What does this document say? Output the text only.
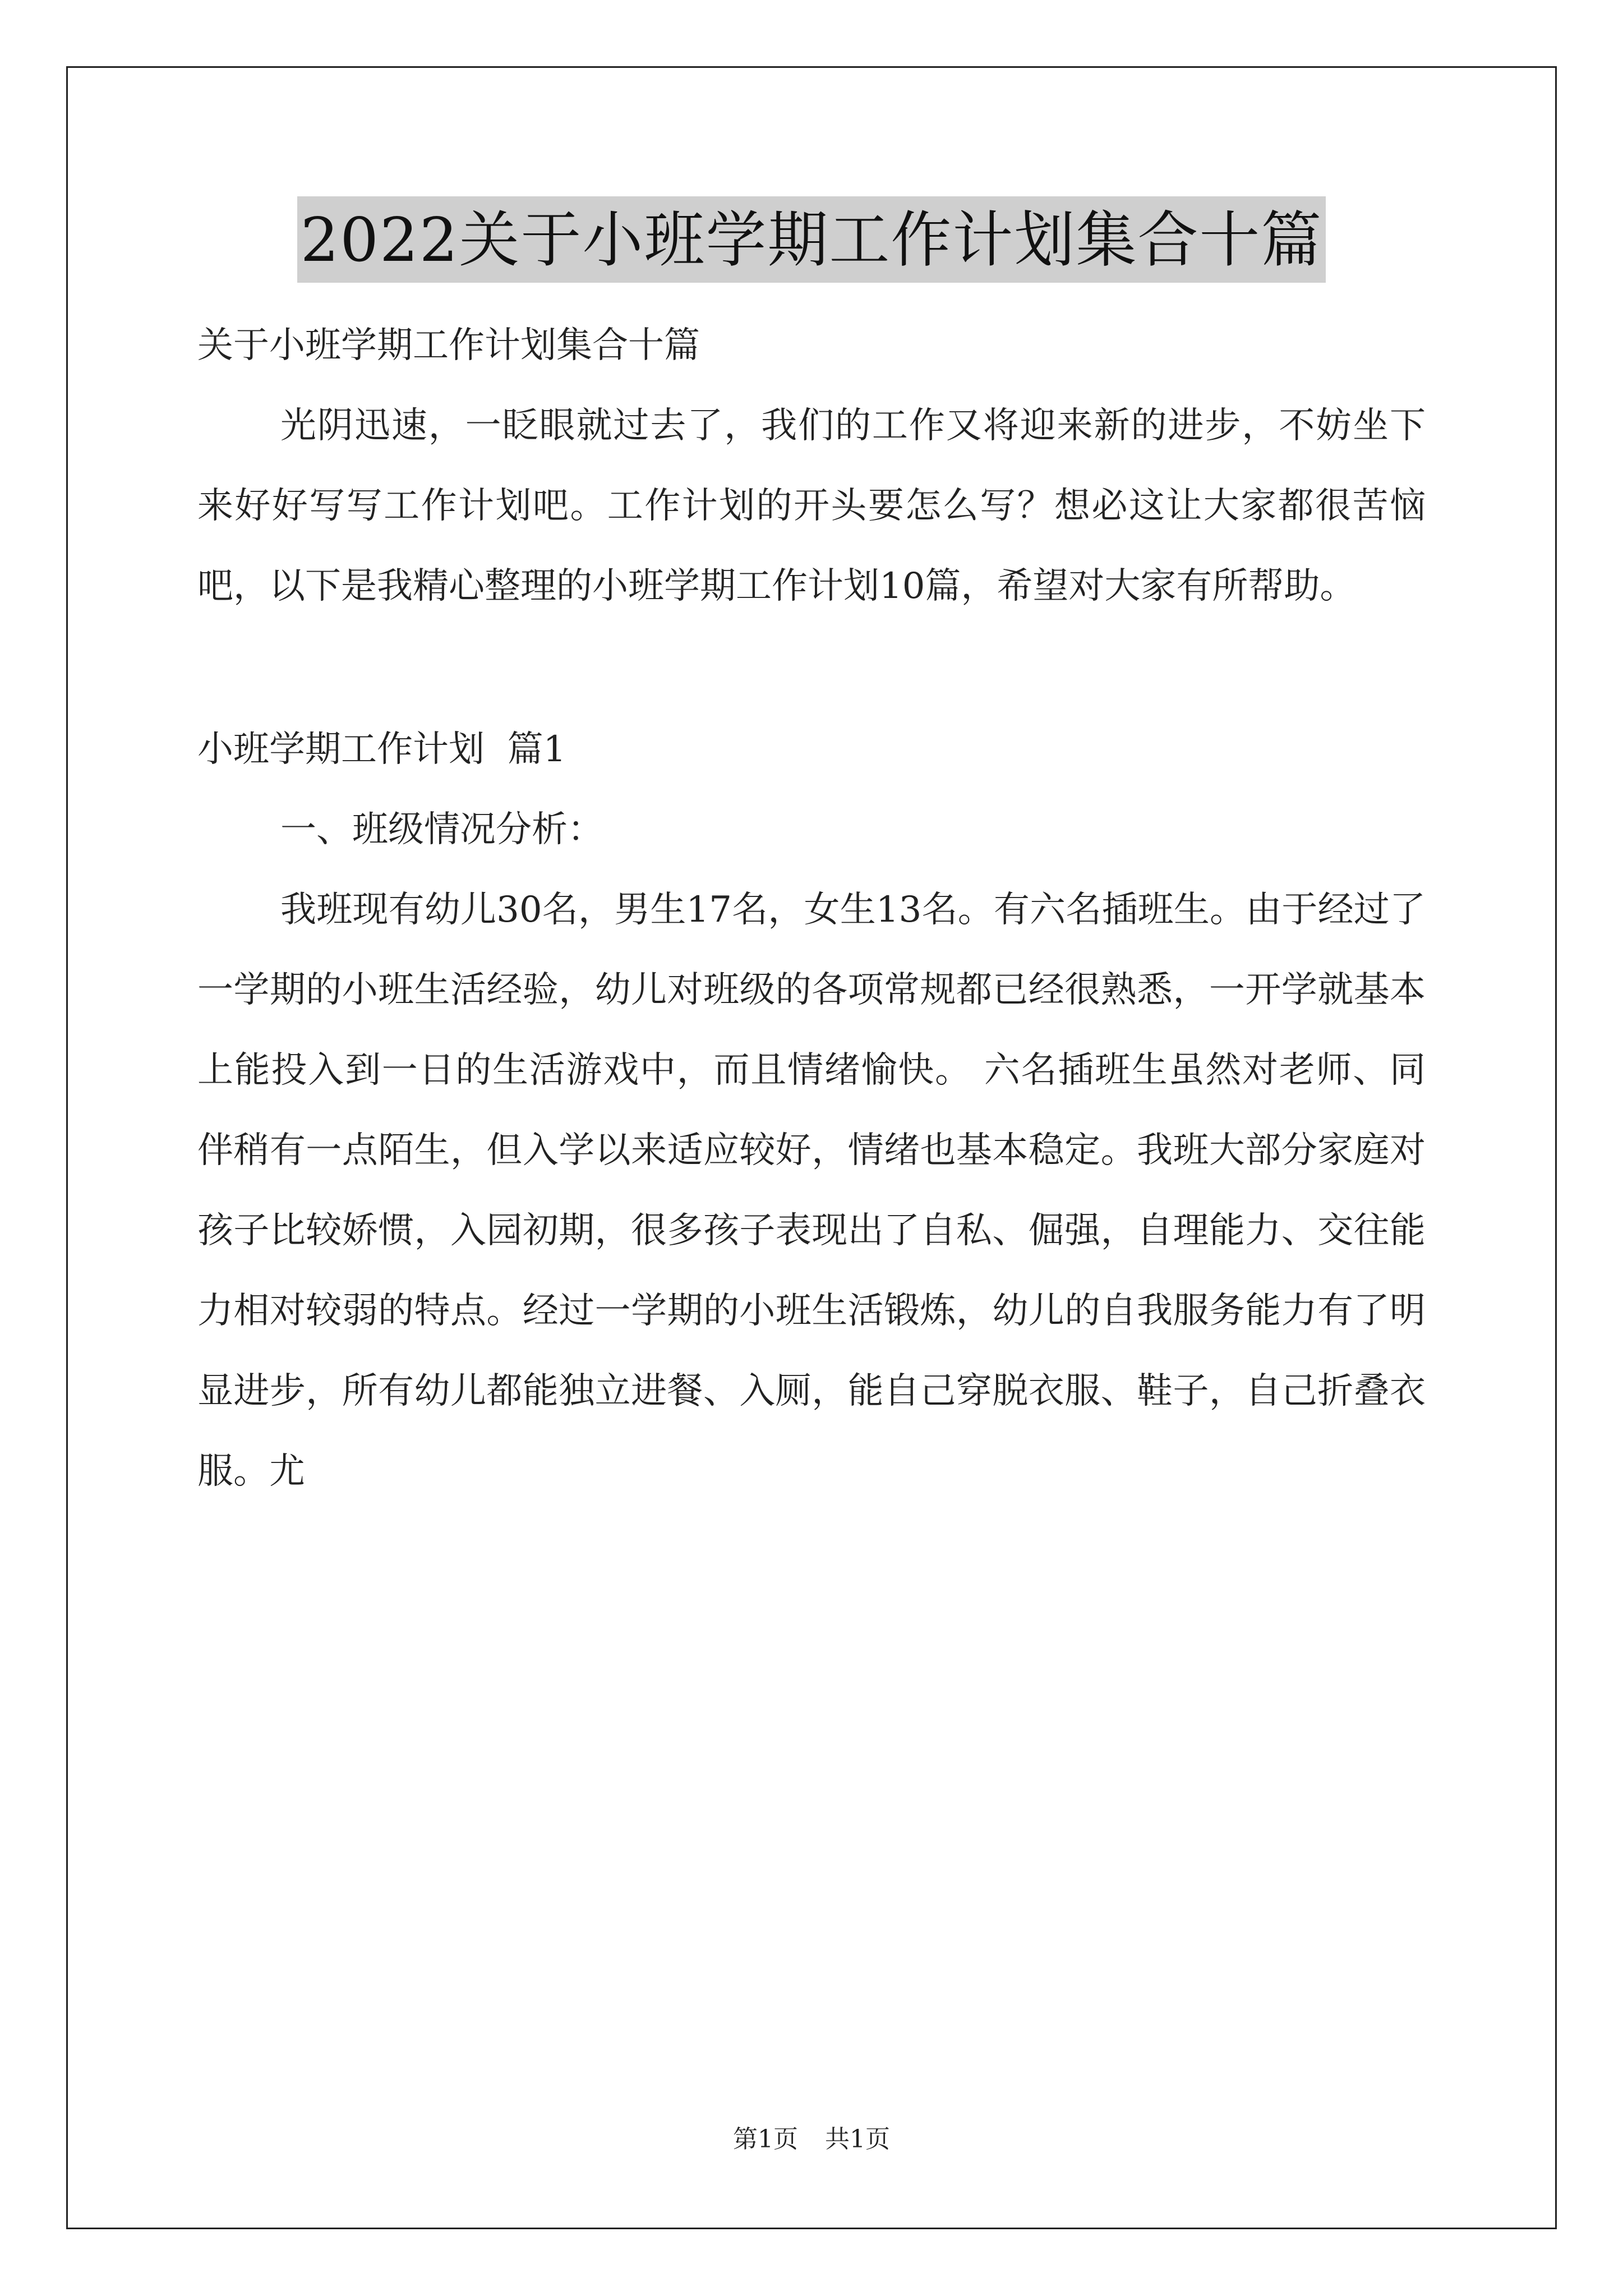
2022关于小班学期工作计划集合十篇

关于小班学期工作计划集合十篇

光阴迅速，一眨眼就过去了，我们的工作又将迎来新的进步，不妨坐下来好好写写工作计划吧。工作计划的开头要怎么写？想必这让大家都很苦恼吧，以下是我精心整理的小班学期工作计划10篇，希望对大家有所帮助。

小班学期工作计划  篇1

一、班级情况分析：

我班现有幼儿30名，男生17名，女生13名。有六名插班生。由于经过了一学期的小班生活经验，幼儿对班级的各项常规都已经很熟悉，一开学就基本上能投入到一日的生活游戏中，而且情绪愉快。 六名插班生虽然对老师、同伴稍有一点陌生，但入学以来适应较好，情绪也基本稳定。我班大部分家庭对孩子比较娇惯，入园初期，很多孩子表现出了自私、倔强，自理能力、交往能力相对较弱的特点。经过一学期的小班生活锻炼，幼儿的自我服务能力有了明显进步，所有幼儿都能独立进餐、入厕，能自己穿脱衣服、鞋子，自己折叠衣服。尤

第1页 共1页
